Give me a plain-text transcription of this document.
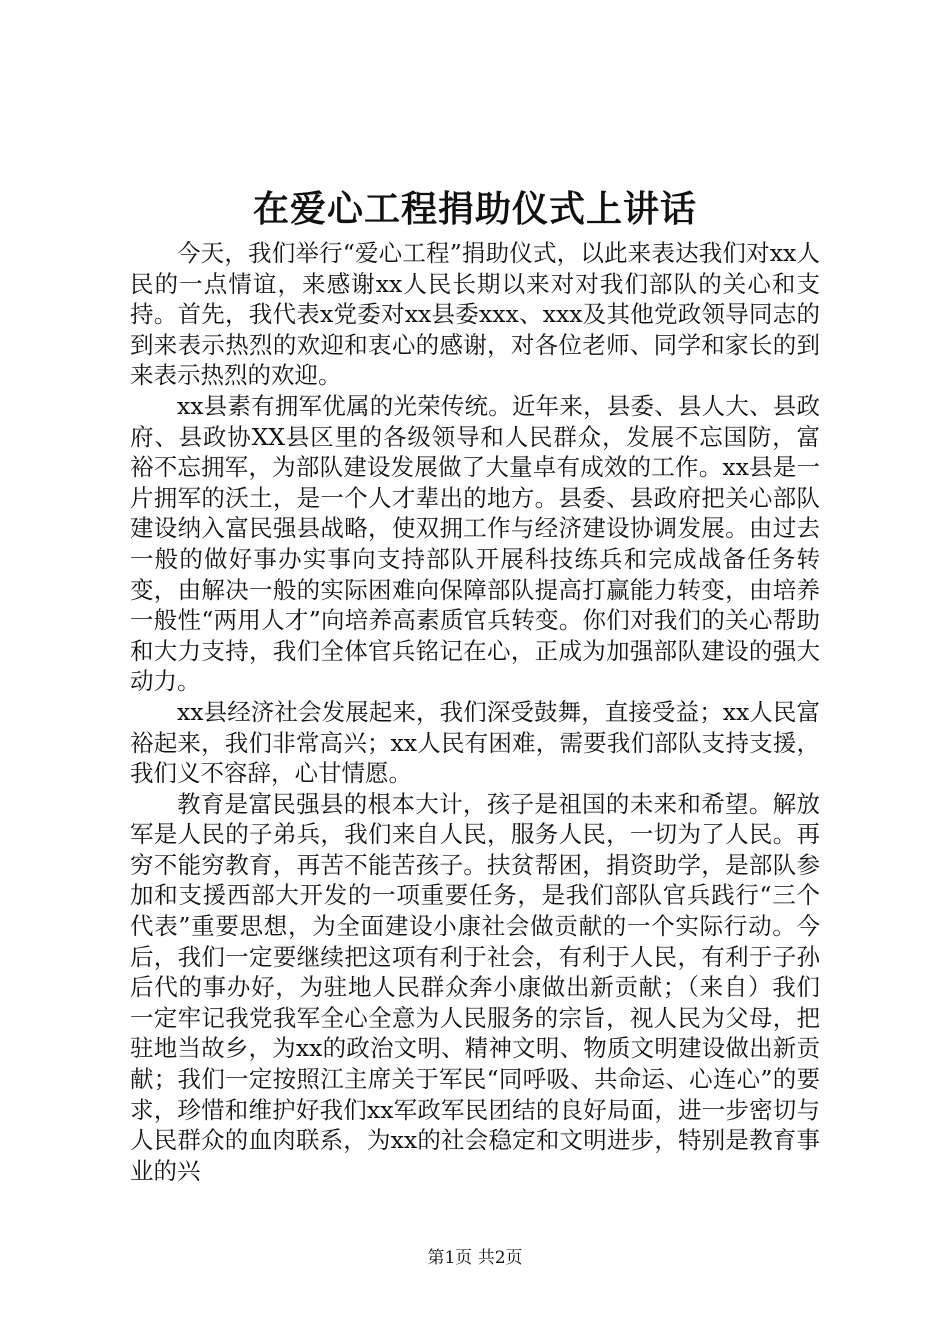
在爱心工程捐助仪式上讲话

今天，我们举行“爱心工程”捐助仪式，以此来表达我们对xx人民的一点情谊，来感谢xx人民长期以来对对我们部队的关心和支持。首先，我代表x党委对xx县委xxx、xxx及其他党政领导同志的到来表示热烈的欢迎和衷心的感谢，对各位老师、同学和家长的到来表示热烈的欢迎。

xx县素有拥军优属的光荣传统。近年来，县委、县人大、县政府、县政协XX县区里的各级领导和人民群众，发展不忘国防，富裕不忘拥军，为部队建设发展做了大量卓有成效的工作。xx县是一片拥军的沃土，是一个人才辈出的地方。县委、县政府把关心部队建设纳入富民强县战略，使双拥工作与经济建设协调发展。由过去一般的做好事办实事向支持部队开展科技练兵和完成战备任务转变，由解决一般的实际困难向保障部队提高打赢能力转变，由培养一般性“两用人才”向培养高素质官兵转变。你们对我们的关心帮助和大力支持，我们全体官兵铭记在心，正成为加强部队建设的强大动力。

xx县经济社会发展起来，我们深受鼓舞，直接受益；xx人民富裕起来，我们非常高兴；xx人民有困难，需要我们部队支持支援，我们义不容辞，心甘情愿。

教育是富民强县的根本大计，孩子是祖国的未来和希望。解放军是人民的子弟兵，我们来自人民，服务人民，一切为了人民。再穷不能穷教育，再苦不能苦孩子。扶贫帮困，捐资助学，是部队参加和支援西部大开发的一项重要任务，是我们部队官兵践行“三个代表”重要思想，为全面建设小康社会做贡献的一个实际行动。今后，我们一定要继续把这项有利于社会，有利于人民，有利于子孙后代的事办好，为驻地人民群众奔小康做出新贡献；（来自）我们一定牢记我党我军全心全意为人民服务的宗旨，视人民为父母，把驻地当故乡，为xx的政治文明、精神文明、物质文明建设做出新贡献；我们一定按照江主席关于军民“同呼吸、共命运、心连心”的要求，珍惜和维护好我们xx军政军民团结的良好局面，进一步密切与人民群众的血肉联系，为xx的社会稳定和文明进步，特别是教育事业的兴

第1页 共2页
